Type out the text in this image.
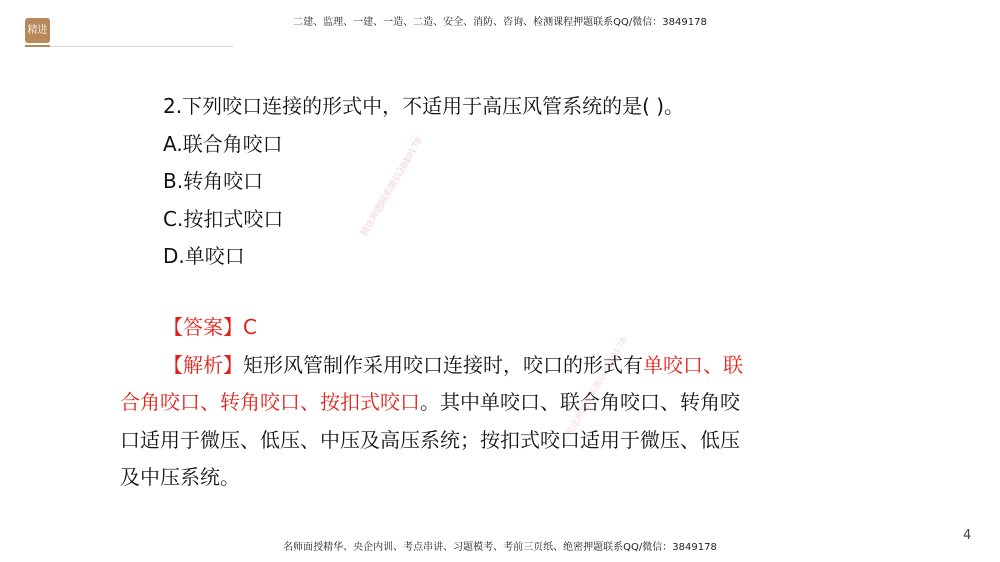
精进
二建、监理、一建、一造、二造、安全、消防、咨询、检测课程押题联系QQ/微信：3849178
2.下列咬口连接的形式中，不适用于高压风管系统的是( )。
A.联合角咬口
B.转角咬口
C.按扣式咬口
D.单咬口
【答案】C
【解析】矩形风管制作采用咬口连接时，咬口的形式有单咬口、联
合角咬口、转角咬口、按扣式咬口。其中单咬口、联合角咬口、转角咬
口适用于微压、低压、中压及高压系统；按扣式咬口适用于微压、低压
及中压系统。
精选押题联系微信3849178
精选押题联系微信3849178
名师面授精华、央企内训、考点串讲、习题模考、考前三页纸、绝密押题联系QQ/微信：3849178
4
